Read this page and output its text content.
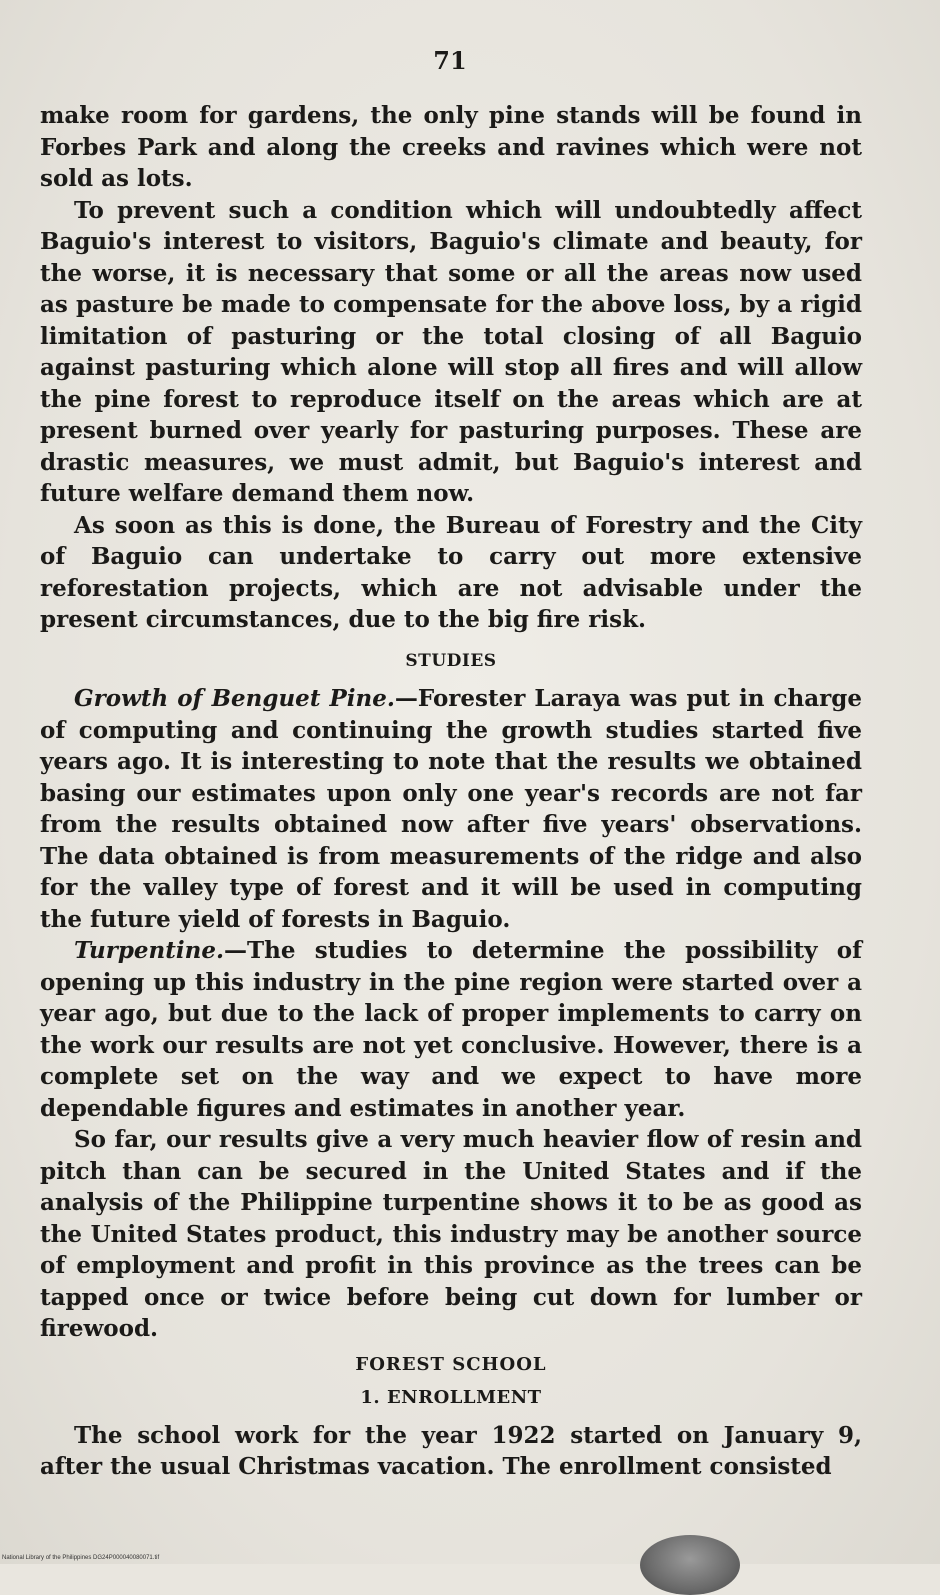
71

make room for gardens, the only pine stands will be found in Forbes Park and along the creeks and ravines which were not sold as lots.

To prevent such a condition which will undoubtedly affect Baguio's interest to visitors, Baguio's climate and beauty, for the worse, it is necessary that some or all the areas now used as pasture be made to compensate for the above loss, by a rigid limitation of pasturing or the total closing of all Baguio against pasturing which alone will stop all fires and will allow the pine forest to reproduce itself on the areas which are at present burned over yearly for pasturing purposes. These are drastic measures, we must admit, but Baguio's interest and future welfare demand them now.

As soon as this is done, the Bureau of Forestry and the City of Baguio can undertake to carry out more extensive reforestation projects, which are not advisable under the present circumstances, due to the big fire risk.

STUDIES

Growth of Benguet Pine.—Forester Laraya was put in charge of computing and continuing the growth studies started five years ago. It is interesting to note that the results we obtained basing our estimates upon only one year's records are not far from the results obtained now after five years' observations. The data obtained is from measurements of the ridge and also for the valley type of forest and it will be used in computing the future yield of forests in Baguio.

Turpentine.—The studies to determine the possibility of opening up this industry in the pine region were started over a year ago, but due to the lack of proper implements to carry on the work our results are not yet conclusive. However, there is a complete set on the way and we expect to have more dependable figures and estimates in another year.

So far, our results give a very much heavier flow of resin and pitch than can be secured in the United States and if the analysis of the Philippine turpentine shows it to be as good as the United States product, this industry may be another source of employment and profit in this province as the trees can be tapped once or twice before being cut down for lumber or firewood.

FOREST SCHOOL
1. ENROLLMENT

The school work for the year 1922 started on January 9, after the usual Christmas vacation. The enrollment consisted

National Library of the Philippines DG24P000040080071.tif
